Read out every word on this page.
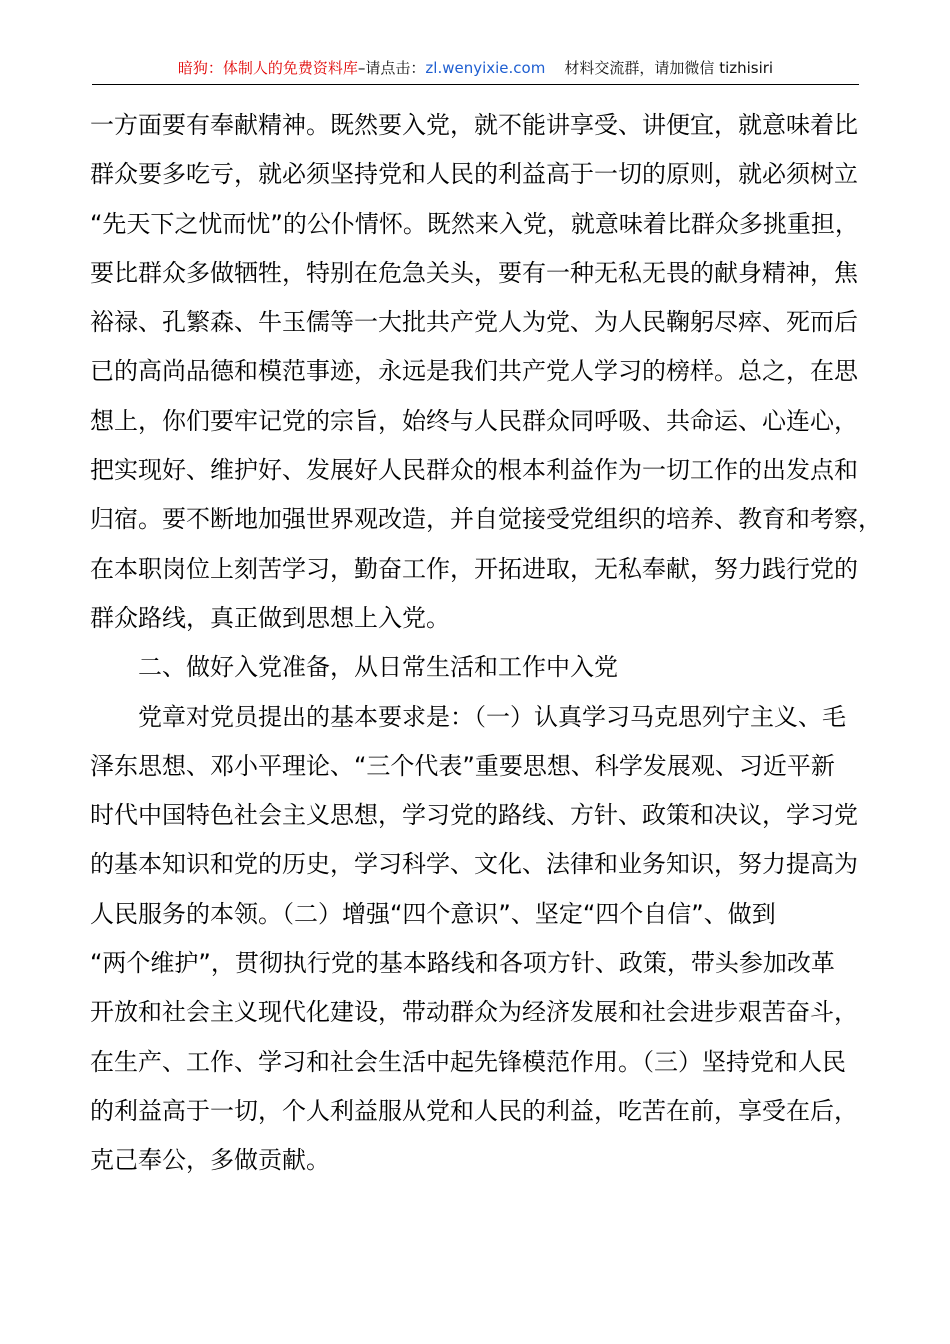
暗狗：体制人的免费资料库–请点击：zl.wenyixie.com 材料交流群，请加微信 tizhisiri
一方面要有奉献精神。既然要入党，就不能讲享受、讲便宜，就意味着比
群众要多吃亏，就必须坚持党和人民的利益高于一切的原则，就必须树立
“先天下之忧而忧”的公仆情怀。既然来入党，就意味着比群众多挑重担，
要比群众多做牺牲，特别在危急关头，要有一种无私无畏的献身精神，焦
裕禄、孔繁森、牛玉儒等一大批共产党人为党、为人民鞠躬尽瘁、死而后
已的高尚品德和模范事迹，永远是我们共产党人学习的榜样。总之，在思
想上，你们要牢记党的宗旨，始终与人民群众同呼吸、共命运、心连心，
把实现好、维护好、发展好人民群众的根本利益作为一切工作的出发点和
归宿。要不断地加强世界观改造，并自觉接受党组织的培养、教育和考察，
在本职岗位上刻苦学习，勤奋工作，开拓进取，无私奉献，努力践行党的
群众路线，真正做到思想上入党。
二、做好入党准备，从日常生活和工作中入党
党章对党员提出的基本要求是：（一）认真学习马克思列宁主义、毛
泽东思想、邓小平理论、“三个代表”重要思想、科学发展观、习近平新
时代中国特色社会主义思想，学习党的路线、方针、政策和决议，学习党
的基本知识和党的历史，学习科学、文化、法律和业务知识，努力提高为
人民服务的本领。（二）增强“四个意识”、坚定“四个自信”、做到
“两个维护”，贯彻执行党的基本路线和各项方针、政策，带头参加改革
开放和社会主义现代化建设，带动群众为经济发展和社会进步艰苦奋斗，
在生产、工作、学习和社会生活中起先锋模范作用。（三）坚持党和人民
的利益高于一切，个人利益服从党和人民的利益，吃苦在前，享受在后，
克己奉公，多做贡献。
